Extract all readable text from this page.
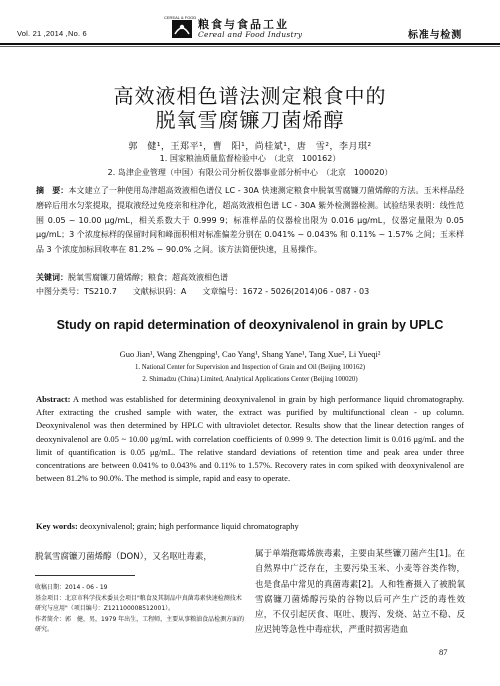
Vol. 21 ,2014 ,No. 6
CEREAL & FOOD
粮食与食品工业
Cereal and Food Industry	标准与检测
高效液相色谱法测定粮食中的
脱氧雪腐镰刀菌烯醇
郭　健¹，王郑平¹，曹　阳¹，尚桂斌¹，唐　雪²，李月琪²
1. 国家粮油质量监督检验中心　（北京　100162）
2. 岛津企业管理（中国）有限公司分析仪器事业部分析中心　（北京　100020）
摘　要：本文建立了一种使用岛津超高效液相色谱仪 LC - 30A 快速测定粮食中脱氧雪腐镰刀菌烯醇的方法。玉米样品经磨碎后用水匀浆提取，提取液经过免疫亲和柱净化，超高效液相色谱 LC - 30A 紫外检测器检测。试验结果表明：线性范围 0.05 ~ 10.00 μg/mL，相关系数大于 0.999 9；标准样品的仪器检出限为 0.016 μg/mL，仪器定量限为 0.05 μg/mL；3 个浓度标样的保留时间和峰面积相对标准偏差分别在 0.041% ~ 0.043% 和 0.11% ~ 1.57% 之间；玉米样品 3 个浓度加标回收率在 81.2% ~ 90.0% 之间。该方法简便快速，且易操作。
关键词：脱氧雪腐镰刀菌烯醇；粮食；超高效液相色谱
中图分类号：TS210.7 文献标识码：A 文章编号：1672 - 5026(2014)06 - 087 - 03
Study on rapid determination of deoxynivalenol in grain by UPLC
Guo Jian¹, Wang Zhengping¹, Cao Yang¹, Shang Yane¹, Tang Xue², Li Yueqi²
1. National Center for Supervision and Inspection of Grain and Oil (Beijing 100162)
2. Shimadzu (China) Limited, Analytical Applications Center (Beijing 100020)
Abstract: A method was established for determining deoxynivalenol in grain by high performance liquid chromatography. After extracting the crushed sample with water, the extract was purified by multifunctional clean - up column. Deoxynivalenol was then determined by HPLC with ultraviolet detector. Results show that the linear detection ranges of deoxynivalenol are 0.05 ~ 10.00 μg/mL with correlation coefficients of 0.999 9. The detection limit is 0.016 μg/mL and the limit of quantification is 0.05 μg/mL. The relative standard deviations of retention time and peak area under three concentrations are between 0.041% to 0.043% and 0.11% to 1.57%. Recovery rates in corn spiked with deoxynivalenol are between 81.2% to 90.0%. The method is simple, rapid and easy to operate.
Key words: deoxynivalenol; grain; high performance liquid chromatography
脱氧雪腐镰刀菌烯醇（DON），又名呕吐毒素，
收稿日期：2014 - 06 - 19
基金项目：北京市科学技术委员会项目"粮食及其制品中真菌毒素快速检测技术研究与应用"（项目编号：Z121100008512001）。
作者简介：郭　健，男，1979 年出生，工程师，主要从事粮油食品检测方面的研究。
属于单端孢霉烯族毒素，主要由某些镰刀菌产生[1]。在自然界中广泛存在，主要污染玉米、小麦等谷类作物，也是食品中常见的真菌毒素[2]。人和牲畜摄入了被脱氧雪腐镰刀菌烯醇污染的谷物以后可产生广泛的毒性效应，不仅引起厌食、呕吐、腹泻、发烧、站立不稳、反应迟钝等急性中毒症状，严重时损害造血
87
